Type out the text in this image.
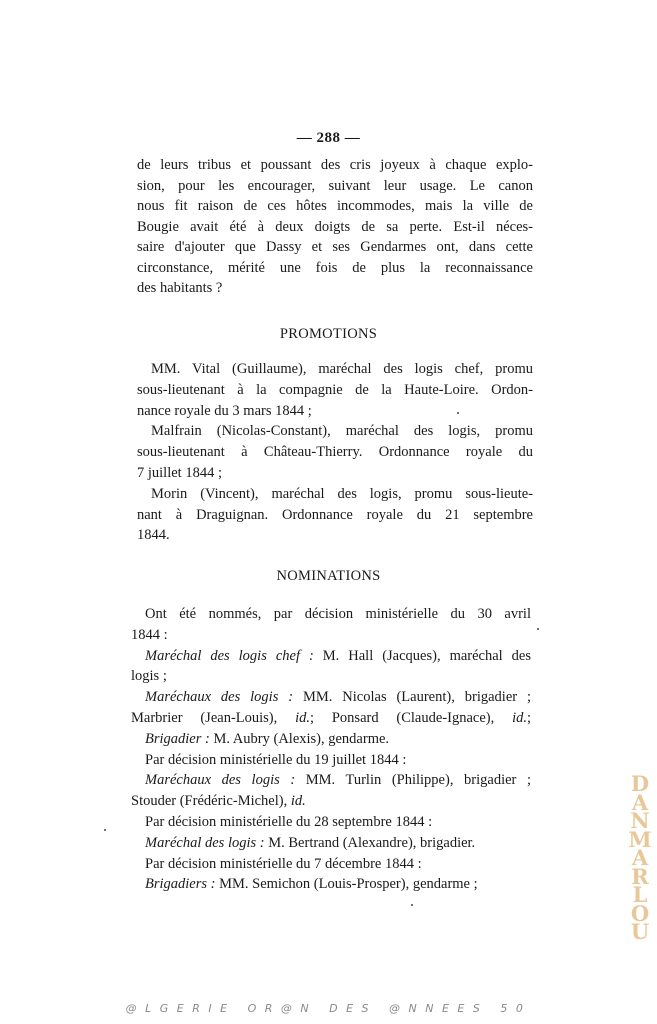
— 288 —
de leurs tribus et poussant des cris joyeux à chaque explo-
sion, pour les encourager, suivant leur usage. Le canon
nous fit raison de ces hôtes incommodes, mais la ville de
Bougie avait été à deux doigts de sa perte. Est-il néces-
saire d'ajouter que Dassy et ses Gendarmes ont, dans cette
circonstance, mérité une fois de plus la reconnaissance
des habitants ?
PROMOTIONS
MM. Vital (Guillaume), maréchal des logis chef, promu
sous-lieutenant à la compagnie de la Haute-Loire. Ordon-
nance royale du 3 mars 1844 ;
Malfrain (Nicolas-Constant), maréchal des logis, promu
sous-lieutenant à Château-Thierry. Ordonnance royale du
7 juillet 1844 ;
Morin (Vincent), maréchal des logis, promu sous-lieute-
nant à Draguignan. Ordonnance royale du 21 septembre
1844.
NOMINATIONS
Ont été nommés, par décision ministérielle du 30 avril
1844 :
Maréchal des logis chef : M. Hall (Jacques), maréchal des
logis ;
Maréchaux des logis : MM. Nicolas (Laurent), brigadier ;
Marbrier (Jean-Louis), id.; Ponsard (Claude-Ignace), id.;
Brigadier : M. Aubry (Alexis), gendarme.
Par décision ministérielle du 19 juillet 1844 :
Maréchaux des logis : MM. Turlin (Philippe), brigadier ;
Stouder (Frédéric-Michel), id.
Par décision ministérielle du 28 septembre 1844 :
Maréchal des logis : M. Bertrand (Alexandre), brigadier.
Par décision ministérielle du 7 décembre 1844 :
Brigadiers : MM. Semichon (Louis-Prosper), gendarme ;
D
A
N
M
A
R
L
O
U
@LGERIE OR@N DES @NNEES 50
